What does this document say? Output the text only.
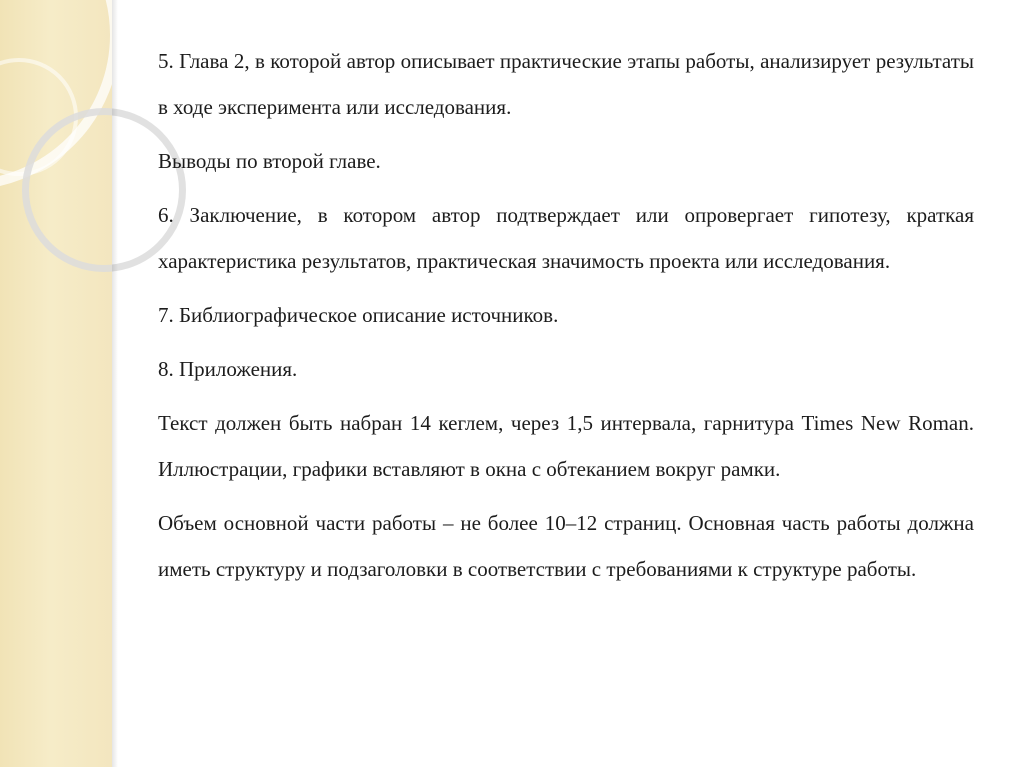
5. Глава 2, в которой автор описывает практические этапы работы, анализирует результаты в ходе эксперимента или исследования.

Выводы по второй главе.

6. Заключение, в котором автор подтверждает или опровергает гипотезу, краткая характеристика результатов, практическая значимость проекта или исследования.

7. Библиографическое описание источников.

8. Приложения.

Текст должен быть набран 14 кеглем, через 1,5 интервала, гарнитура Times New Roman. Иллюстрации, графики вставляют в окна с обтеканием вокруг рамки.

Объем основной части работы – не более 10–12 страниц. Основная часть работы должна иметь структуру и подзаголовки в соответствии с требованиями к структуре работы.
